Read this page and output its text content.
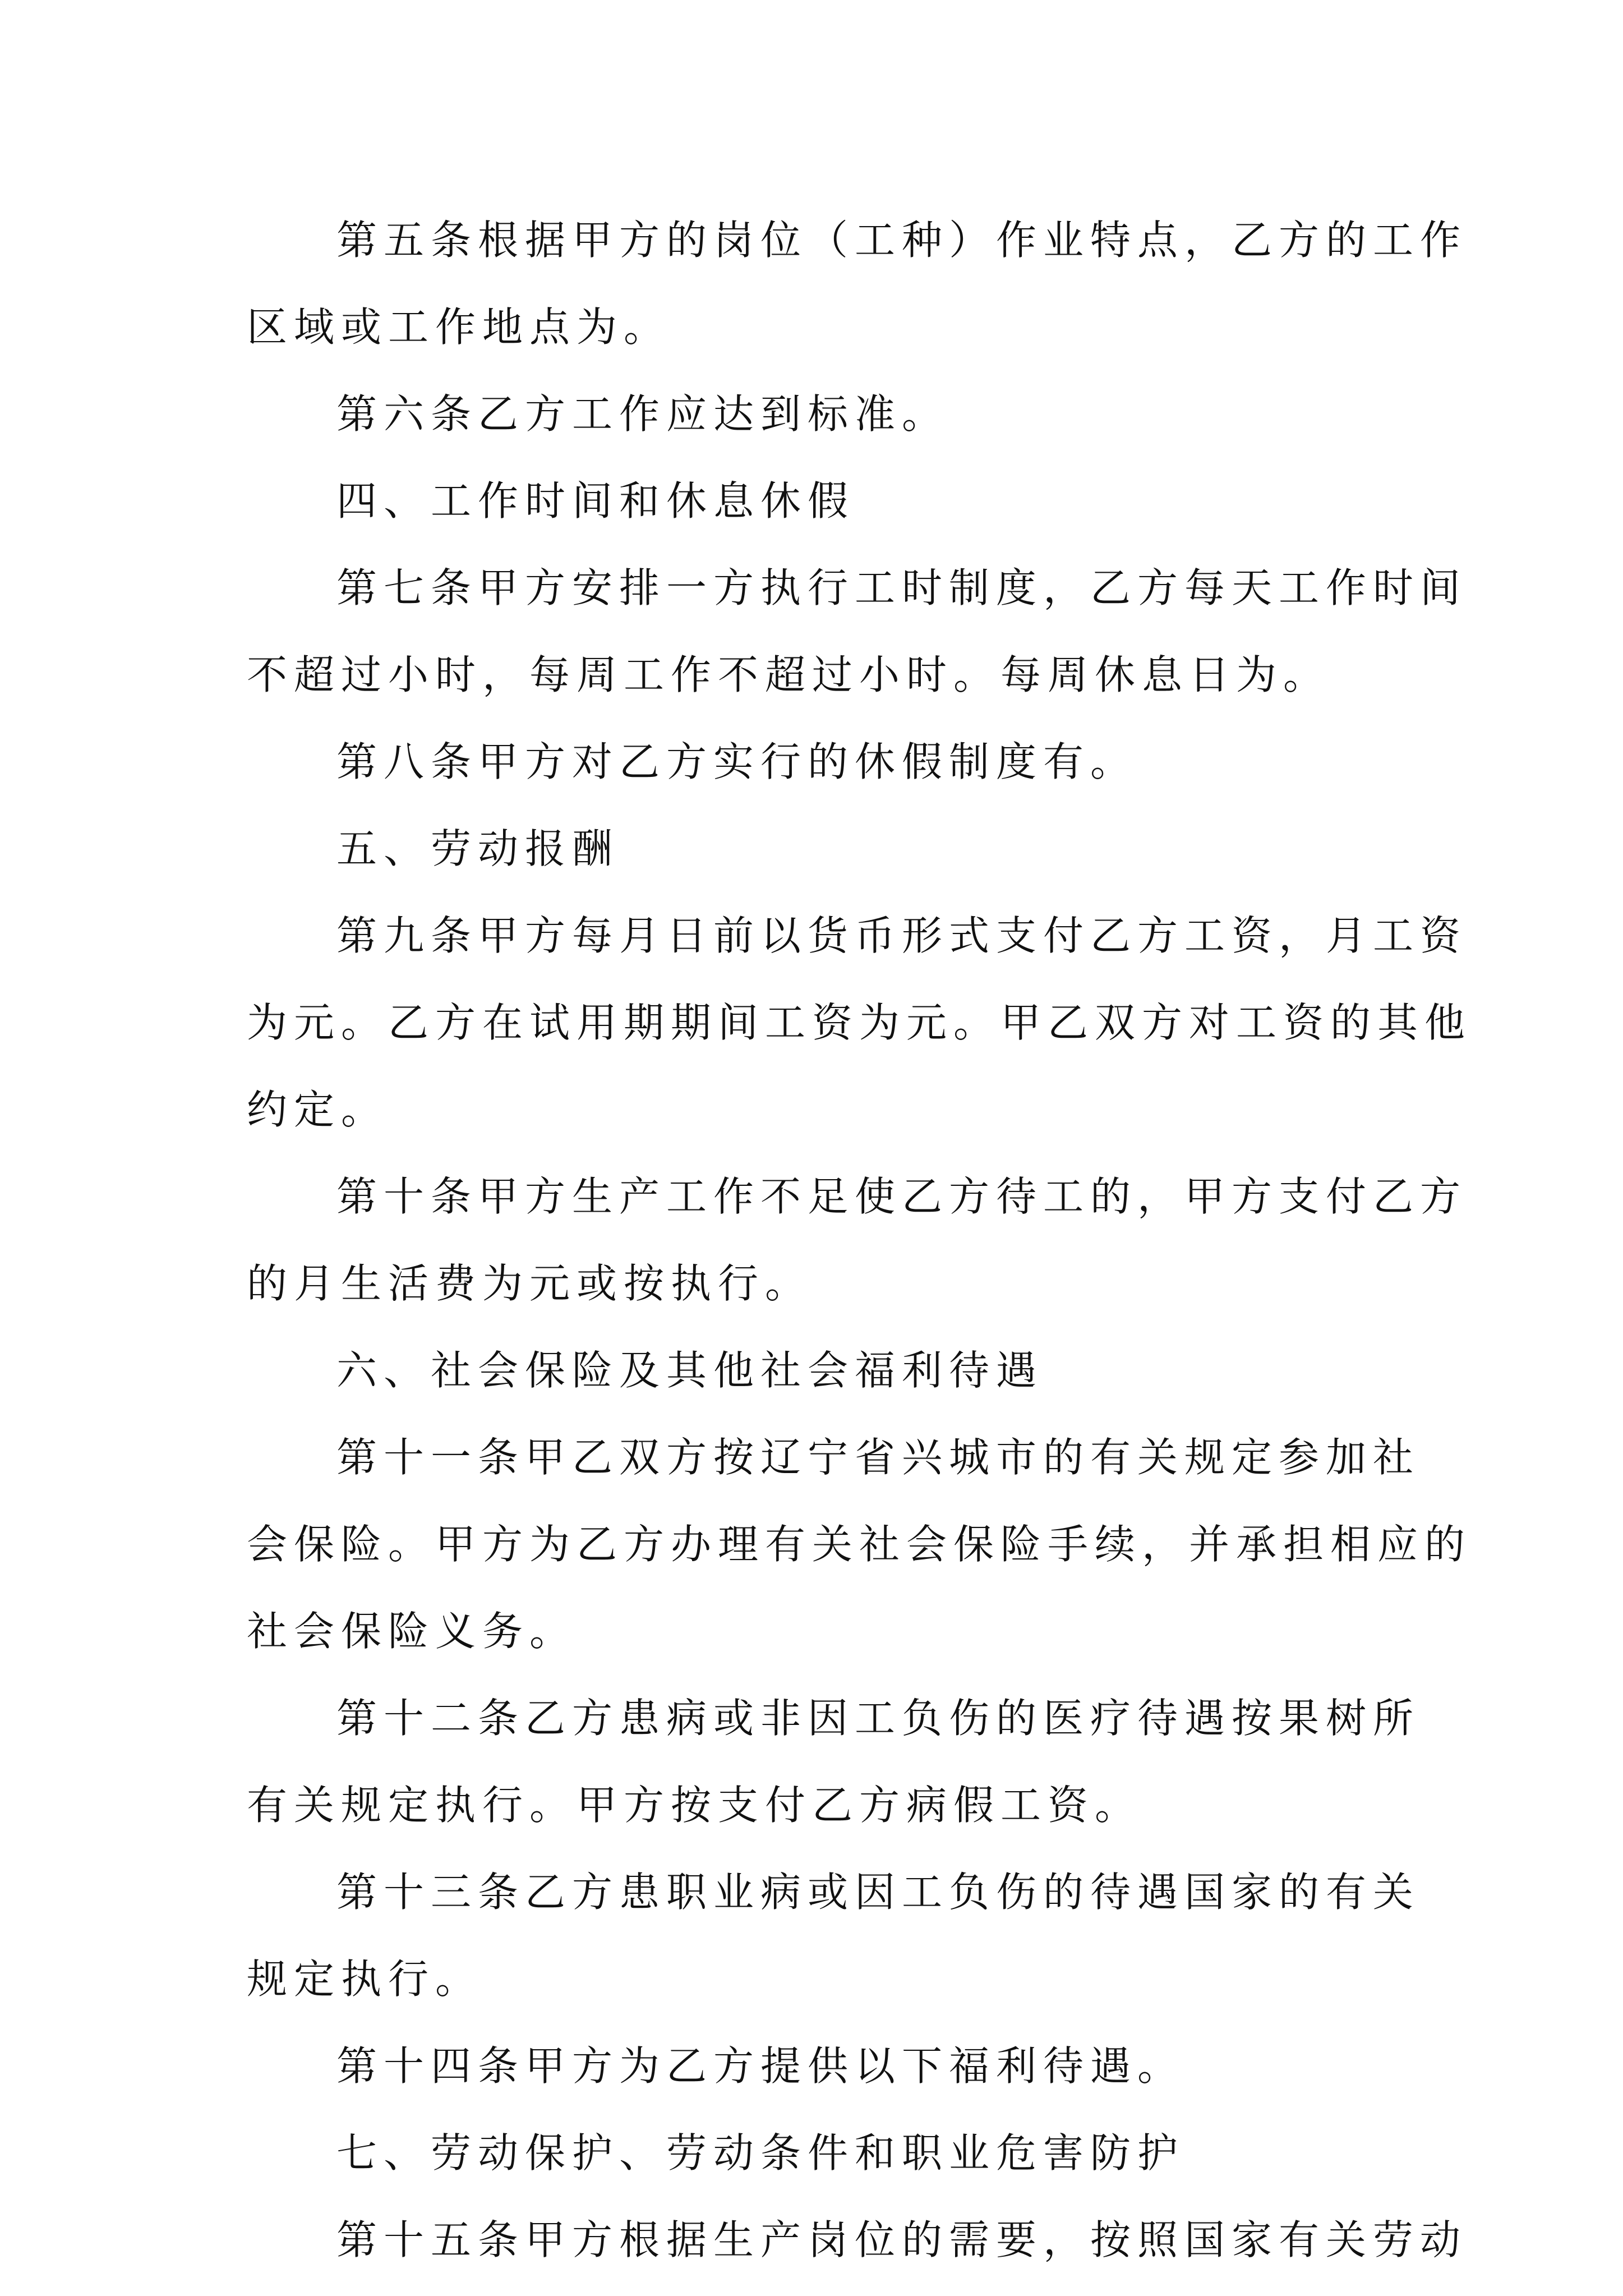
第五条根据甲方的岗位（工种）作业特点，乙方的工作

区域或工作地点为。

第六条乙方工作应达到标准。

四、工作时间和休息休假

第七条甲方安排一方执行工时制度，乙方每天工作时间

不超过小时，每周工作不超过小时。每周休息日为。

第八条甲方对乙方实行的休假制度有。

五、劳动报酬

第九条甲方每月日前以货币形式支付乙方工资，月工资

为元。乙方在试用期期间工资为元。甲乙双方对工资的其他

约定。

第十条甲方生产工作不足使乙方待工的，甲方支付乙方

的月生活费为元或按执行。

六、社会保险及其他社会福利待遇

第十一条甲乙双方按辽宁省兴城市的有关规定参加社

会保险。甲方为乙方办理有关社会保险手续，并承担相应的

社会保险义务。

第十二条乙方患病或非因工负伤的医疗待遇按果树所

有关规定执行。甲方按支付乙方病假工资。

第十三条乙方患职业病或因工负伤的待遇国家的有关

规定执行。

第十四条甲方为乙方提供以下福利待遇。

七、劳动保护、劳动条件和职业危害防护

第十五条甲方根据生产岗位的需要，按照国家有关劳动
